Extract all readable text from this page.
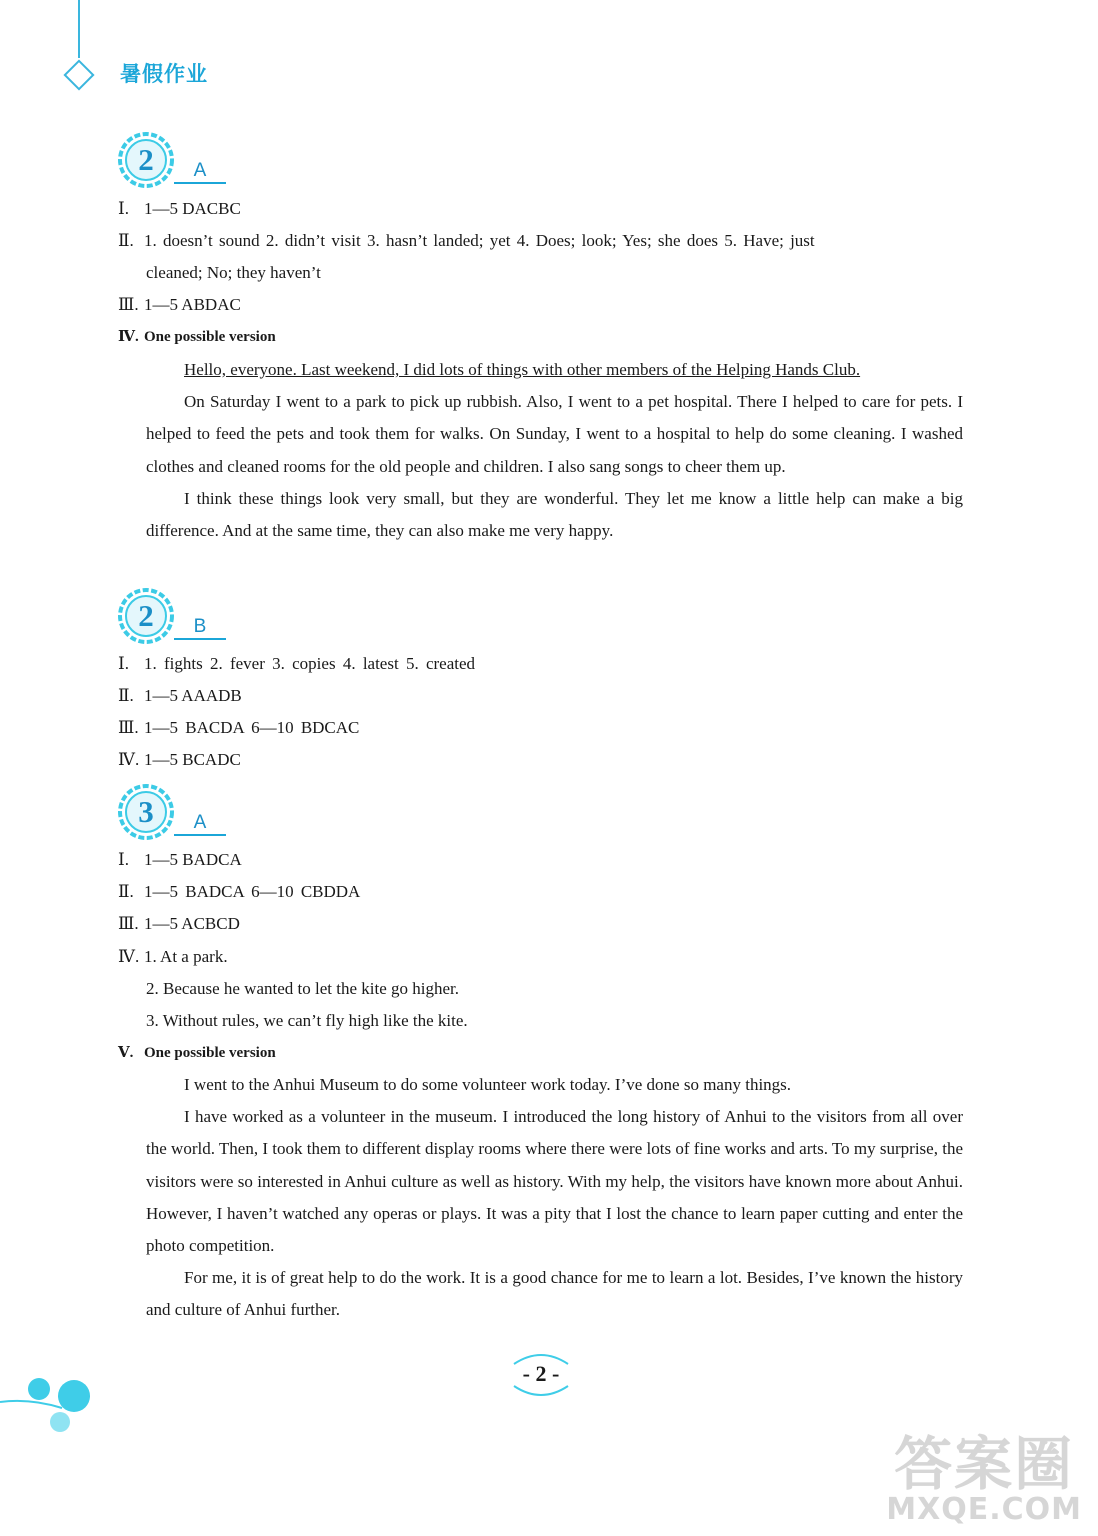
暑假作业
2	A
Ⅰ. 1—5 DACBC
Ⅱ. 1. doesn’t sound 2. didn’t visit 3. hasn’t landed; yet 4. Does; look; Yes; she does 5. Have; just
cleaned; No; they haven’t
Ⅲ. 1—5 ABDAC
Ⅳ. One possible version
Hello, everyone. Last weekend, I did lots of things with other members of the Helping Hands Club.
On Saturday I went to a park to pick up rubbish. Also, I went to a pet hospital. There I helped to care for pets. I helped to feed the pets and took them for walks. On Sunday, I went to a hospital to help do some cleaning. I washed clothes and cleaned rooms for the old people and children. I also sang songs to cheer them up.
I think these things look very small, but they are wonderful. They let me know a little help can make a big difference. And at the same time, they can also make me very happy.
2	B
Ⅰ. 1. fights 2. fever 3. copies 4. latest 5. created
Ⅱ. 1—5 AAADB
Ⅲ. 1—5 BACDA 6—10 BDCAC
Ⅳ. 1—5 BCADC
3	A
Ⅰ. 1—5 BADCA
Ⅱ. 1—5 BADCA 6—10 CBDDA
Ⅲ. 1—5 ACBCD
Ⅳ. 1. At a park.
2. Because he wanted to let the kite go higher.
3. Without rules, we can’t fly high like the kite.
Ⅴ. One possible version
I went to the Anhui Museum to do some volunteer work today. I’ve done so many things.
I have worked as a volunteer in the museum. I introduced the long history of Anhui to the visitors from all over the world. Then, I took them to different display rooms where there were lots of fine works and arts. To my surprise, the visitors were so interested in Anhui culture as well as history. With my help, the visitors have known more about Anhui. However, I haven’t watched any operas or plays. It was a pity that I lost the chance to learn paper cutting and enter the photo competition.
For me, it is of great help to do the work. It is a good chance for me to learn a lot. Besides, I’ve known the history and culture of Anhui further.
- 2 -
答案圈
MXQE.COM
